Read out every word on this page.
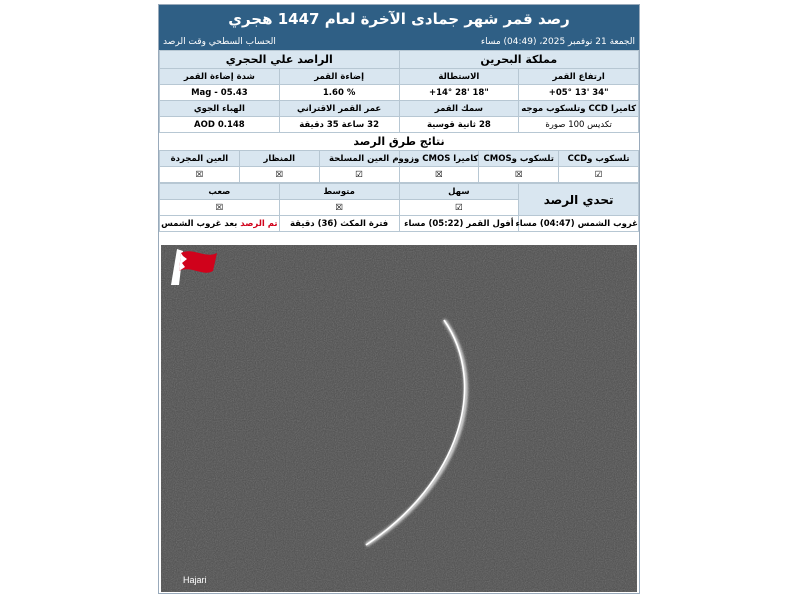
رصد قمر شهر جمادى الآخرة لعام 1447 هجري
الجمعة 21 نوفمبر 2025، (04:49) مساء
الحساب السطحي وقت الرصد
مملكة البحرين		الراصد علي الحجري	
ارتفاع القمر	الاستطالة	إضاءة القمر	شدة إضاءة القمر
+05° 13' 34"	+14° 28' 18"	1.60 %	Mag - 05.43
كاميرا CCD وتلسكوب موجه	سمك القمر	عمر القمر الاقتراني	الهباء الجوي
تكديس 100 صورة	28 ثانية قوسية	32 ساعة 35 دقيقة	AOD 0.148
نتائج طرق الرصد					
تلسكوب وCCD	تلسكوب وCMOS	كاميرا CMOS وزووم	العين المسلحة	المنظار	العين المجردة
☑	☒	☒	☑	☒	☒
تحدي الرصد	سهل	متوسط	صعب
	☑	☒	☒
غروب الشمس (04:47) مساء	أفول القمر (05:22) مساء	فترة المكث (36) دقيقة	تم الرصد بعد غروب الشمس
Hajari
